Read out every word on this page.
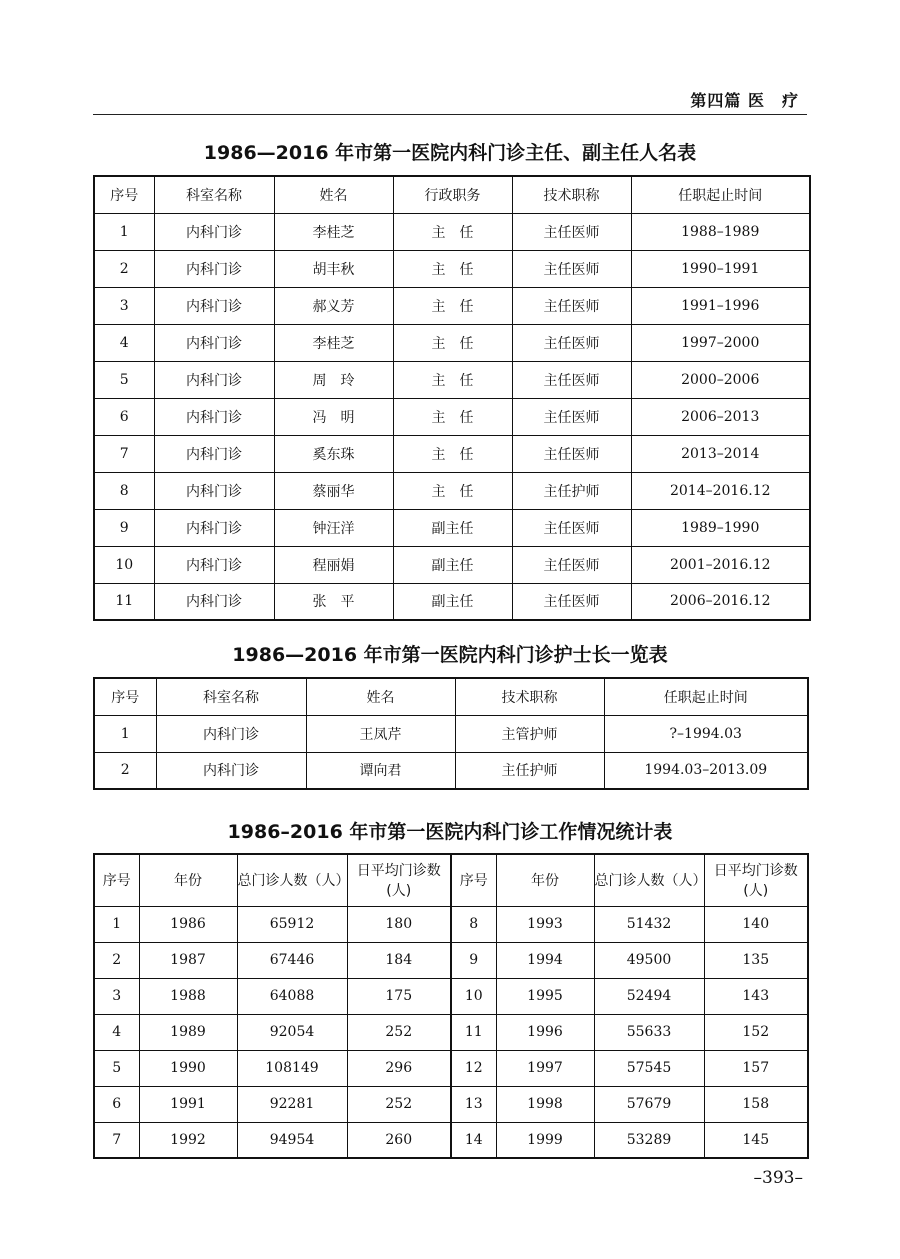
第四篇 医　疗
1986—2016 年市第一医院内科门诊主任、副主任人名表
序号	科室名称	姓名	行政职务	技术职称	任职起止时间
1	内科门诊	李桂芝	主　任	主任医师	1988–1989
2	内科门诊	胡丰秋	主　任	主任医师	1990–1991
3	内科门诊	郝义芳	主　任	主任医师	1991–1996
4	内科门诊	李桂芝	主　任	主任医师	1997–2000
5	内科门诊	周　玲	主　任	主任医师	2000–2006
6	内科门诊	冯　明	主　任	主任医师	2006–2013
7	内科门诊	奚东珠	主　任	主任医师	2013–2014
8	内科门诊	蔡丽华	主　任	主任护师	2014–2016.12
9	内科门诊	钟汪洋	副主任	主任医师	1989–1990
10	内科门诊	程丽娟	副主任	主任医师	2001–2016.12
11	内科门诊	张　平	副主任	主任医师	2006–2016.12
1986—2016 年市第一医院内科门诊护士长一览表
序号	科室名称	姓名	技术职称	任职起止时间
1	内科门诊	王凤芹	主管护师	?–1994.03
2	内科门诊	谭向君	主任护师	1994.03–2013.09
1986–2016 年市第一医院内科门诊工作情况统计表
序号	年份	总门诊人数（人）	日平均门诊数(人)	序号	年份	总门诊人数（人）	日平均门诊数(人)
1	1986	65912	180	8	1993	51432	140
2	1987	67446	184	9	1994	49500	135
3	1988	64088	175	10	1995	52494	143
4	1989	92054	252	11	1996	55633	152
5	1990	108149	296	12	1997	57545	157
6	1991	92281	252	13	1998	57679	158
7	1992	94954	260	14	1999	53289	145
–393–
